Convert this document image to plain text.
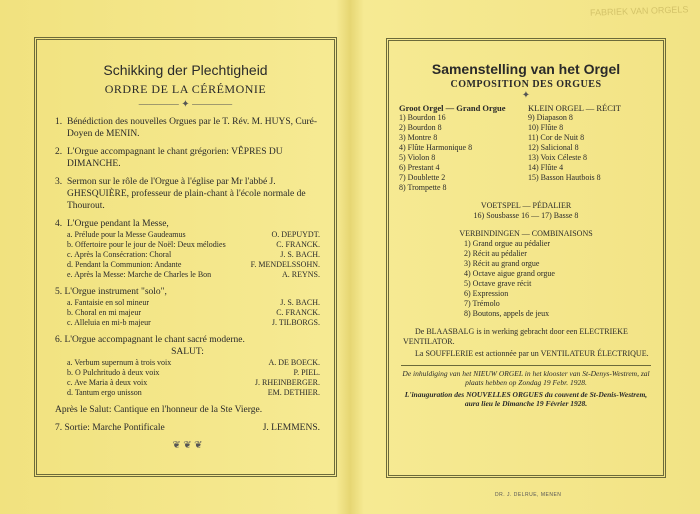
FABRIEK VAN ORGELS
Schikking der Plechtigheid
ORDRE DE LA CÉRÉMONIE
———— ✦ ————
1. Bénédiction des nouvelles Orgues par le T. Rév. M. HUYS, Curé-Doyen de MENIN.
2. L'Orgue accompagnant le chant grégorien: VÊPRES DU DIMANCHE.
3. Sermon sur le rôle de l'Orgue à l'église par Mr l'abbé J. GHESQUIÈRE, professeur de plain-chant à l'école normale de Thourout.
4. L'Orgue pendant la Messe,
a. Prélude pour la Messe Gaudeamus	O. DEPUYDT.
b. Offertoire pour le jour de Noël: Deux mélodies	C. FRANCK.
c. Après la Consécration: Choral	J. S. BACH.
d. Pendant la Communion: Andante	F. MENDELSSOHN.
e. Après la Messe: Marche de Charles le Bon	A. REYNS.
5. L'Orgue instrument "solo",
a. Fantaisie en sol mineur	J. S. BACH.
b. Choral en mi majeur	C. FRANCK.
c. Alleluia en mi-b majeur	J. TILBORGS.
6. L'Orgue accompagnant le chant sacré moderne.
SALUT:
a. Verbum supernum à trois voix	A. DE BOECK.
b. O Pulchritudo à deux voix	P. PIEL.
c. Ave Maria à deux voix	J. RHEINBERGER.
d. Tantum ergo unisson	EM. DETHIER.
Après le Salut: Cantique en l'honneur de la Ste Vierge.
7. Sortie: Marche Pontificale	J. LEMMENS.
❦ ❦ ❦
Samenstelling van het Orgel
COMPOSITION DES ORGUES
✦
Groot Orgel — Grand Orgue
1) Bourdon 16
2) Bourdon 8
3) Montre 8
4) Flûte Harmonique 8
5) Violon 8
6) Prestant 4
7) Doublette 2
8) Trompette 8
KLEIN ORGEL — RÉCIT
9) Diapason 8
10) Flûte 8
11) Cor de Nuit 8
12) Salicional 8
13) Voix Céleste 8
14) Flûte 4
15) Basson Hautbois 8
VOETSPEL — PÉDALIER
16) Sousbasse 16 — 17) Basse 8
VERBINDINGEN — COMBINAISONS
1) Grand orgue au pédalier
2) Récit au pédalier
3) Récit au grand orgue
4) Octave aigue grand orgue
5) Octave grave récit
6) Expression
7) Trémolo
8) Boutons, appels de jeux
De BLAASBALG is in werking gebracht door een ELECTRIEKE VENTILATOR.
La SOUFFLERIE est actionnée par un VENTILATEUR ÉLECTRIQUE.
De inhuldiging van het NIEUW ORGEL in het klooster van St-Denys-Westrem, zal plaats hebben op Zondag 19 Febr. 1928.
L'inauguration des NOUVELLES ORGUES du couvent de St-Denis-Westrem, aura lieu le Dimanche 19 Février 1928.
DR. J. DELRUE, MENEN
